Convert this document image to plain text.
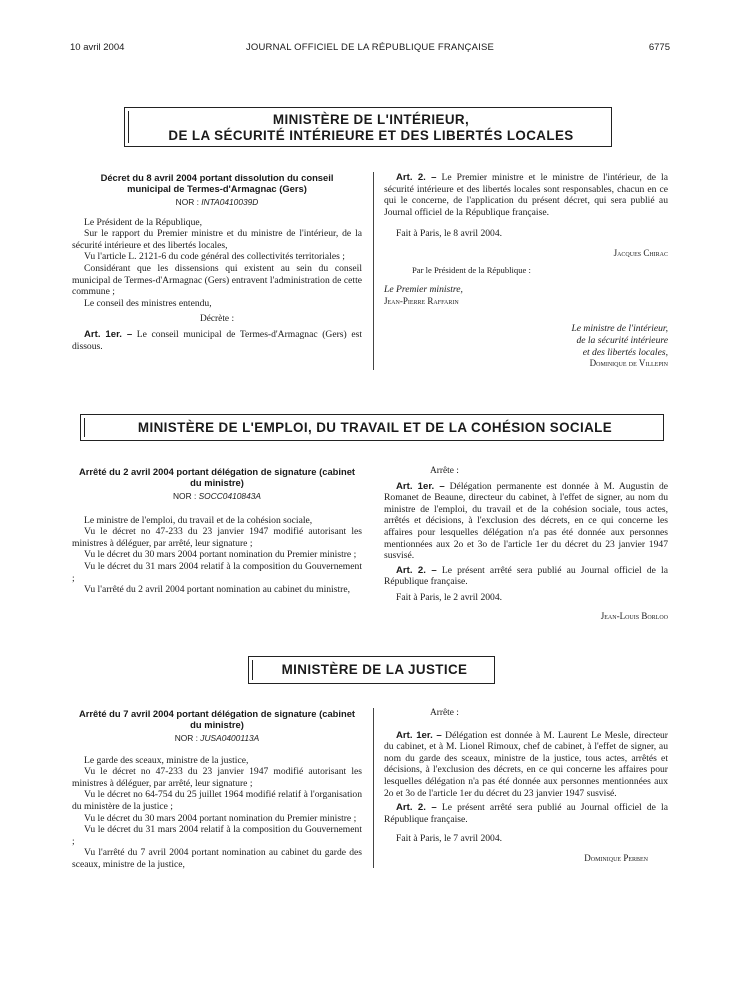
10 avril 2004	JOURNAL OFFICIEL DE LA RÉPUBLIQUE FRANÇAISE	6775
MINISTÈRE DE L'INTÉRIEUR,
DE LA SÉCURITÉ INTÉRIEURE ET DES LIBERTÉS LOCALES
Décret du 8 avril 2004 portant dissolution du conseil municipal de Termes-d'Armagnac (Gers)
NOR : INTA0410039D

Le Président de la République,

Sur le rapport du Premier ministre et du ministre de l'intérieur, de la sécurité intérieure et des libertés locales,

Vu l'article L. 2121-6 du code général des collectivités territoriales ;

Considérant que les dissensions qui existent au sein du conseil municipal de Termes-d'Armagnac (Gers) entravent l'administration de cette commune ;

Le conseil des ministres entendu,

Décrète :

Art. 1er. – Le conseil municipal de Termes-d'Armagnac (Gers) est dissous.

Art. 2. – Le Premier ministre et le ministre de l'intérieur, de la sécurité intérieure et des libertés locales sont responsables, chacun en ce qui le concerne, de l'application du présent décret, qui sera publié au Journal officiel de la République française.

Fait à Paris, le 8 avril 2004.

Jacques Chirac
Par le Président de la République :
Le Premier ministre,
Jean-Pierre Raffarin
Le ministre de l'intérieur,
de la sécurité intérieure
et des libertés locales,
Dominique de Villepin
MINISTÈRE DE L'EMPLOI, DU TRAVAIL ET DE LA COHÉSION SOCIALE
Arrêté du 2 avril 2004 portant délégation de signature (cabinet du ministre)
NOR : SOCC0410843A

Le ministre de l'emploi, du travail et de la cohésion sociale,

Vu le décret no 47-233 du 23 janvier 1947 modifié autorisant les ministres à déléguer, par arrêté, leur signature ;

Vu le décret du 30 mars 2004 portant nomination du Premier ministre ;

Vu le décret du 31 mars 2004 relatif à la composition du Gouvernement ;

Vu l'arrêté du 2 avril 2004 portant nomination au cabinet du ministre,

Arrête :

Art. 1er. – Délégation permanente est donnée à M. Augustin de Romanet de Beaune, directeur du cabinet, à l'effet de signer, au nom du ministre de l'emploi, du travail et de la cohésion sociale, tous actes, arrêtés et décisions, à l'exclusion des décrets, en ce qui concerne les affaires pour lesquelles délégation n'a pas été donnée aux personnes mentionnées aux 2o et 3o de l'article 1er du décret du 23 janvier 1947 susvisé.

Art. 2. – Le présent arrêté sera publié au Journal officiel de la République française.

Fait à Paris, le 2 avril 2004.

Jean-Louis Borloo
MINISTÈRE DE LA JUSTICE
Arrêté du 7 avril 2004 portant délégation de signature (cabinet du ministre)
NOR : JUSA0400113A

Le garde des sceaux, ministre de la justice,

Vu le décret no 47-233 du 23 janvier 1947 modifié autorisant les ministres à déléguer, par arrêté, leur signature ;

Vu le décret no 64-754 du 25 juillet 1964 modifié relatif à l'organisation du ministère de la justice ;

Vu le décret du 30 mars 2004 portant nomination du Premier ministre ;

Vu le décret du 31 mars 2004 relatif à la composition du Gouvernement ;

Vu l'arrêté du 7 avril 2004 portant nomination au cabinet du garde des sceaux, ministre de la justice,

Arrête :

Art. 1er. – Délégation est donnée à M. Laurent Le Mesle, directeur du cabinet, et à M. Lionel Rimoux, chef de cabinet, à l'effet de signer, au nom du garde des sceaux, ministre de la justice, tous actes, arrêtés et décisions, à l'exclusion des décrets, en ce qui concerne les affaires pour lesquelles délégation n'a pas été donnée aux personnes mentionnées aux 2o et 3o de l'article 1er du décret du 23 janvier 1947 susvisé.

Art. 2. – Le présent arrêté sera publié au Journal officiel de la République française.

Fait à Paris, le 7 avril 2004.

Dominique Perben
